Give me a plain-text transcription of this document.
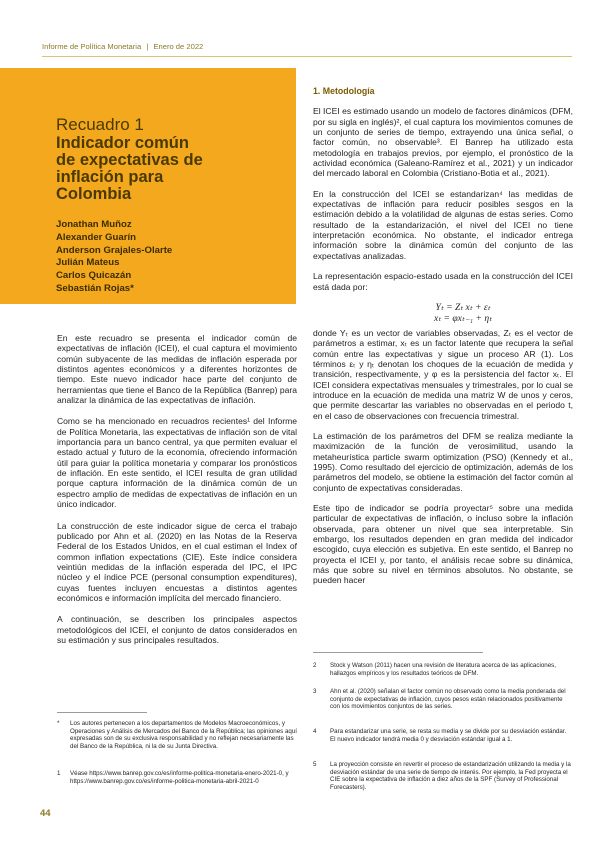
Informe de Política Monetaria | Enero de 2022
Recuadro 1
Indicador común
de expectativas de
inflación para
Colombia
Jonathan Muñoz
Alexander Guarín
Anderson Grajales-Olarte
Julián Mateus
Carlos Quicazán
Sebastián Rojas*

En este recuadro se presenta el indicador común de expectativas de inflación (ICEI), el cual captura el movimiento común subyacente de las medidas de inflación esperada por distintos agentes económicos y a diferentes horizontes de tiempo. Este nuevo indicador hace parte del conjunto de herramientas que tiene el Banco de la República (Banrep) para analizar la dinámica de las expectativas de inflación.

Como se ha mencionado en recuadros recientes¹ del Informe de Política Monetaria, las expectativas de inflación son de vital importancia para un banco central, ya que permiten evaluar el estado actual y futuro de la economía, ofreciendo información útil para guiar la política monetaria y comparar los pronósticos de inflación. En este sentido, el ICEI resulta de gran utilidad porque captura información de la dinámica común de un espectro amplio de medidas de expectativas de inflación en un único indicador.

La construcción de este indicador sigue de cerca el trabajo publicado por Ahn et al. (2020) en las Notas de la Reserva Federal de los Estados Unidos, en el cual estiman el Index of common inflation expectations (CIE). Este índice considera veintiún medidas de la inflación esperada del IPC, el IPC núcleo y el índice PCE (personal consumption expenditures), cuyas fuentes incluyen encuestas a distintos agentes económicos e información implícita del mercado financiero.

A continuación, se describen los principales aspectos metodológicos del ICEI, el conjunto de datos considerados en su estimación y sus principales resultados.

* Los autores pertenecen a los departamentos de Modelos Macroeconómicos, y Operaciones y Análisis de Mercados del Banco de la República; las opiniones aquí expresadas son de su exclusiva responsabilidad y no reflejan necesariamente las del Banco de la República, ni la de su Junta Directiva.
1 Véase https://www.banrep.gov.co/es/informe-politica-monetaria-enero-2021-0, y https://www.banrep.gov.co/es/informe-politica-monetaria-abril-2021-0
1. Metodología

El ICEI es estimado usando un modelo de factores dinámicos (DFM, por su sigla en inglés)², el cual captura los movimientos comunes de un conjunto de series de tiempo, extrayendo una única señal, o factor común, no observable³. El Banrep ha utilizado esta metodología en trabajos previos, por ejemplo, el pronóstico de la actividad económica (Galeano-Ramírez et al., 2021) y un indicador del mercado laboral en Colombia (Cristiano-Botia et al., 2021).

En la construcción del ICEI se estandarizan⁴ las medidas de expectativas de inflación para reducir posibles sesgos en la estimación debido a la volatilidad de algunas de estas series. Como resultado de la estandarización, el nivel del ICEI no tiene interpretación económica. No obstante, el indicador entrega información sobre la dinámica común del conjunto de las expectativas analizadas.

La representación espacio-estado usada en la construcción del ICEI está dada por:

Yₜ = Zₜ xₜ + εₜ
xₜ = φxₜ₋₁ + ηₜ

donde Yₜ es un vector de variables observadas, Zₜ es el vector de parámetros a estimar, xₜ es un factor latente que recupera la señal común entre las expectativas y sigue un proceso AR (1). Los términos εₜ y ηₜ denotan los choques de la ecuación de medida y transición, respectivamente, y φ es la persistencia del factor xₜ. El ICEI considera expectativas mensuales y trimestrales, por lo cual se introduce en la ecuación de medida una matriz W de unos y ceros, que permite descartar las variables no observadas en el periodo t, en el caso de observaciones con frecuencia trimestral.

La estimación de los parámetros del DFM se realiza mediante la maximización de la función de verosimilitud, usando la metaheurística particle swarm optimization (PSO) (Kennedy et al., 1995). Como resultado del ejercicio de optimización, además de los parámetros del modelo, se obtiene la estimación del factor común al conjunto de expectativas consideradas.

Este tipo de indicador se podría proyectar⁵ sobre una medida particular de expectativas de inflación, o incluso sobre la inflación observada, para obtener un nivel que sea interpretable. Sin embargo, los resultados dependen en gran medida del indicador escogido, cuya elección es subjetiva. En este sentido, el Banrep no proyecta el ICEI y, por tanto, el análisis recae sobre su dinámica, más que sobre su nivel en términos absolutos. No obstante, se pueden hacer

2 Stock y Watson (2011) hacen una revisión de literatura acerca de las aplicaciones, hallazgos empíricos y los resultados teóricos de DFM.
3 Ahn et al. (2020) señalan el factor común no observado como la media ponderada del conjunto de expectativas de inflación, cuyos pesos están relacionados positivamente con los movimientos conjuntos de las series.
4 Para estandarizar una serie, se resta su media y se divide por su desviación estándar. El nuevo indicador tendrá media 0 y desviación estándar igual a 1.
5 La proyección consiste en revertir el proceso de estandarización utilizando la media y la desviación estándar de una serie de tiempo de interés. Por ejemplo, la Fed proyecta el CIE sobre la expectativa de inflación a diez años de la SPF (Survey of Professional Forecasters).
44
